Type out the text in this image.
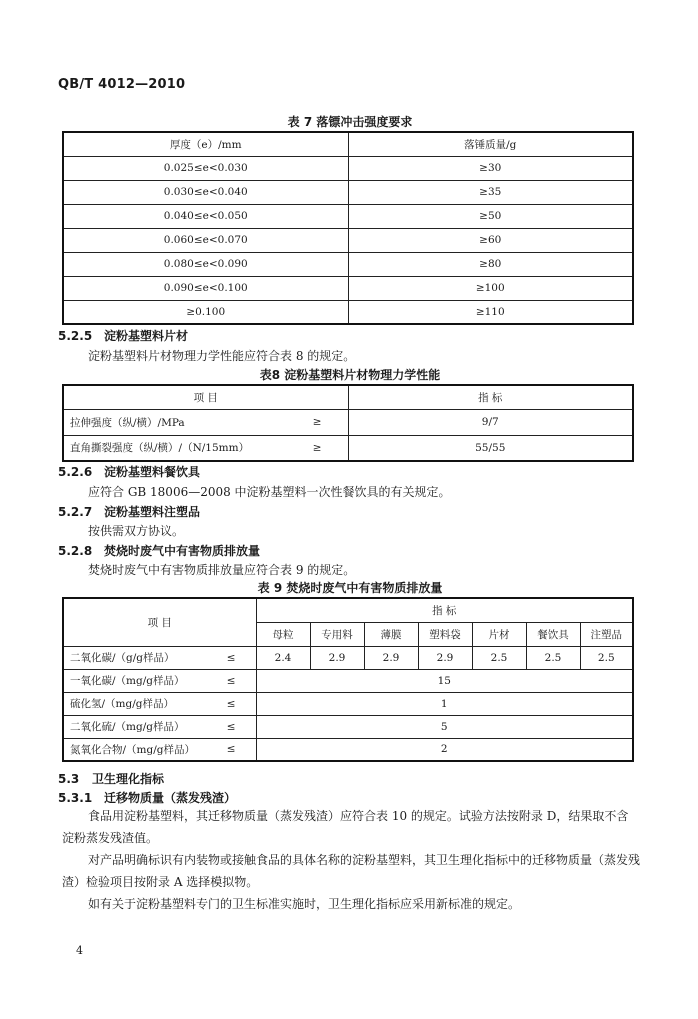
QB/T 4012—2010
表 7 落镖冲击强度要求
厚度（e）/mm	落锤质量/g
0.025≤e<0.030	≥30
0.030≤e<0.040	≥35
0.040≤e<0.050	≥50
0.060≤e<0.070	≥60
0.080≤e<0.090	≥80
0.090≤e<0.100	≥100
≥0.100	≥110
5.2.5 淀粉基塑料片材
淀粉基塑料片材物理力学性能应符合表 8 的规定。
表8 淀粉基塑料片材物理力学性能
项 目	指 标

拉伸强度（纵/横）/MPa ≥	9/7

直角撕裂强度（纵/横）/（N/15mm） ≥	55/55
5.2.6 淀粉基塑料餐饮具
应符合 GB 18006—2008 中淀粉基塑料一次性餐饮具的有关规定。
5.2.7 淀粉基塑料注塑品
按供需双方协议。
5.2.8 焚烧时废气中有害物质排放量
焚烧时废气中有害物质排放量应符合表 9 的规定。
表 9 焚烧时废气中有害物质排放量
项 目	指 标						
	母粒	专用料	薄膜	塑料袋	片材	餐饮具	注塑品

二氧化碳/（g/g样品） ≤	2.4	2.9	2.9	2.9	2.5	2.5	2.5

一氧化碳/（mg/g样品） ≤	15						

硫化氢/（mg/g样品） ≤	1						

二氧化硫/（mg/g样品） ≤	5						

氮氧化合物/（mg/g样品） ≤	2						
5.3 卫生理化指标
5.3.1 迁移物质量（蒸发残渣）
食品用淀粉基塑料，其迁移物质量（蒸发残渣）应符合表 10 的规定。试验方法按附录 D，结果取不含淀粉蒸发残渣值。
对产品明确标识有内装物或接触食品的具体名称的淀粉基塑料，其卫生理化指标中的迁移物质量（蒸发残渣）检验项目按附录 A 选择模拟物。
如有关于淀粉基塑料专门的卫生标准实施时，卫生理化指标应采用新标准的规定。
4
